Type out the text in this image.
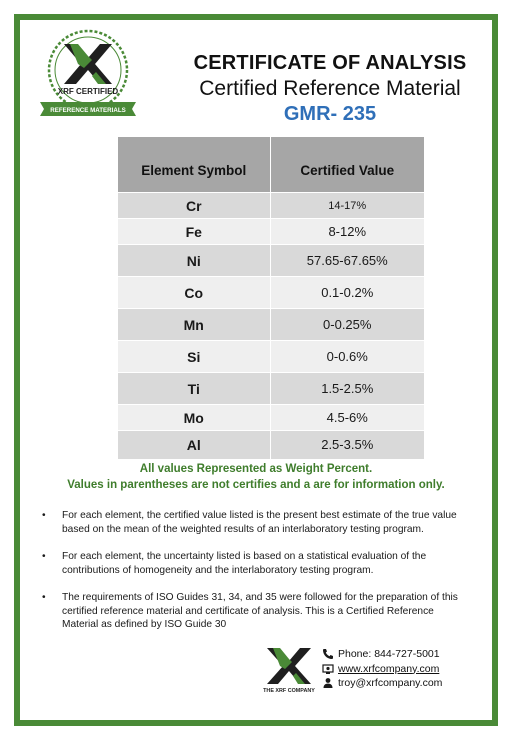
XRF CERTIFIED
REFERENCE MATERIALS
CERTIFICATE OF ANALYSIS
Certified Reference Material
GMR- 235
Element Symbol	Certified Value
Cr	14-17%
Fe	8-12%
Ni	57.65-67.65%
Co	0.1-0.2%
Mn	0-0.25%
Si	0-0.6%
Ti	1.5-2.5%
Mo	4.5-6%
Al	2.5-3.5%
All values Represented as Weight Percent.
Values in parentheses are not certifies and a are for information only.
• For each element, the certified value listed is the present best estimate of the true value based on the mean of the weighted results of an interlaboratory testing program.
• For each element, the uncertainty listed is based on a statistical evaluation of the contributions of homogeneity and the interlaboratory testing program.
• The requirements of ISO Guides 31, 34, and 35 were followed for the preparation of this certified reference material and certificate of analysis. This is a Certified Reference Material as defined by ISO Guide 30
THE XRF COMPANY
Phone: 844-727-5001
www.xrfcompany.com
troy@xrfcompany.com
